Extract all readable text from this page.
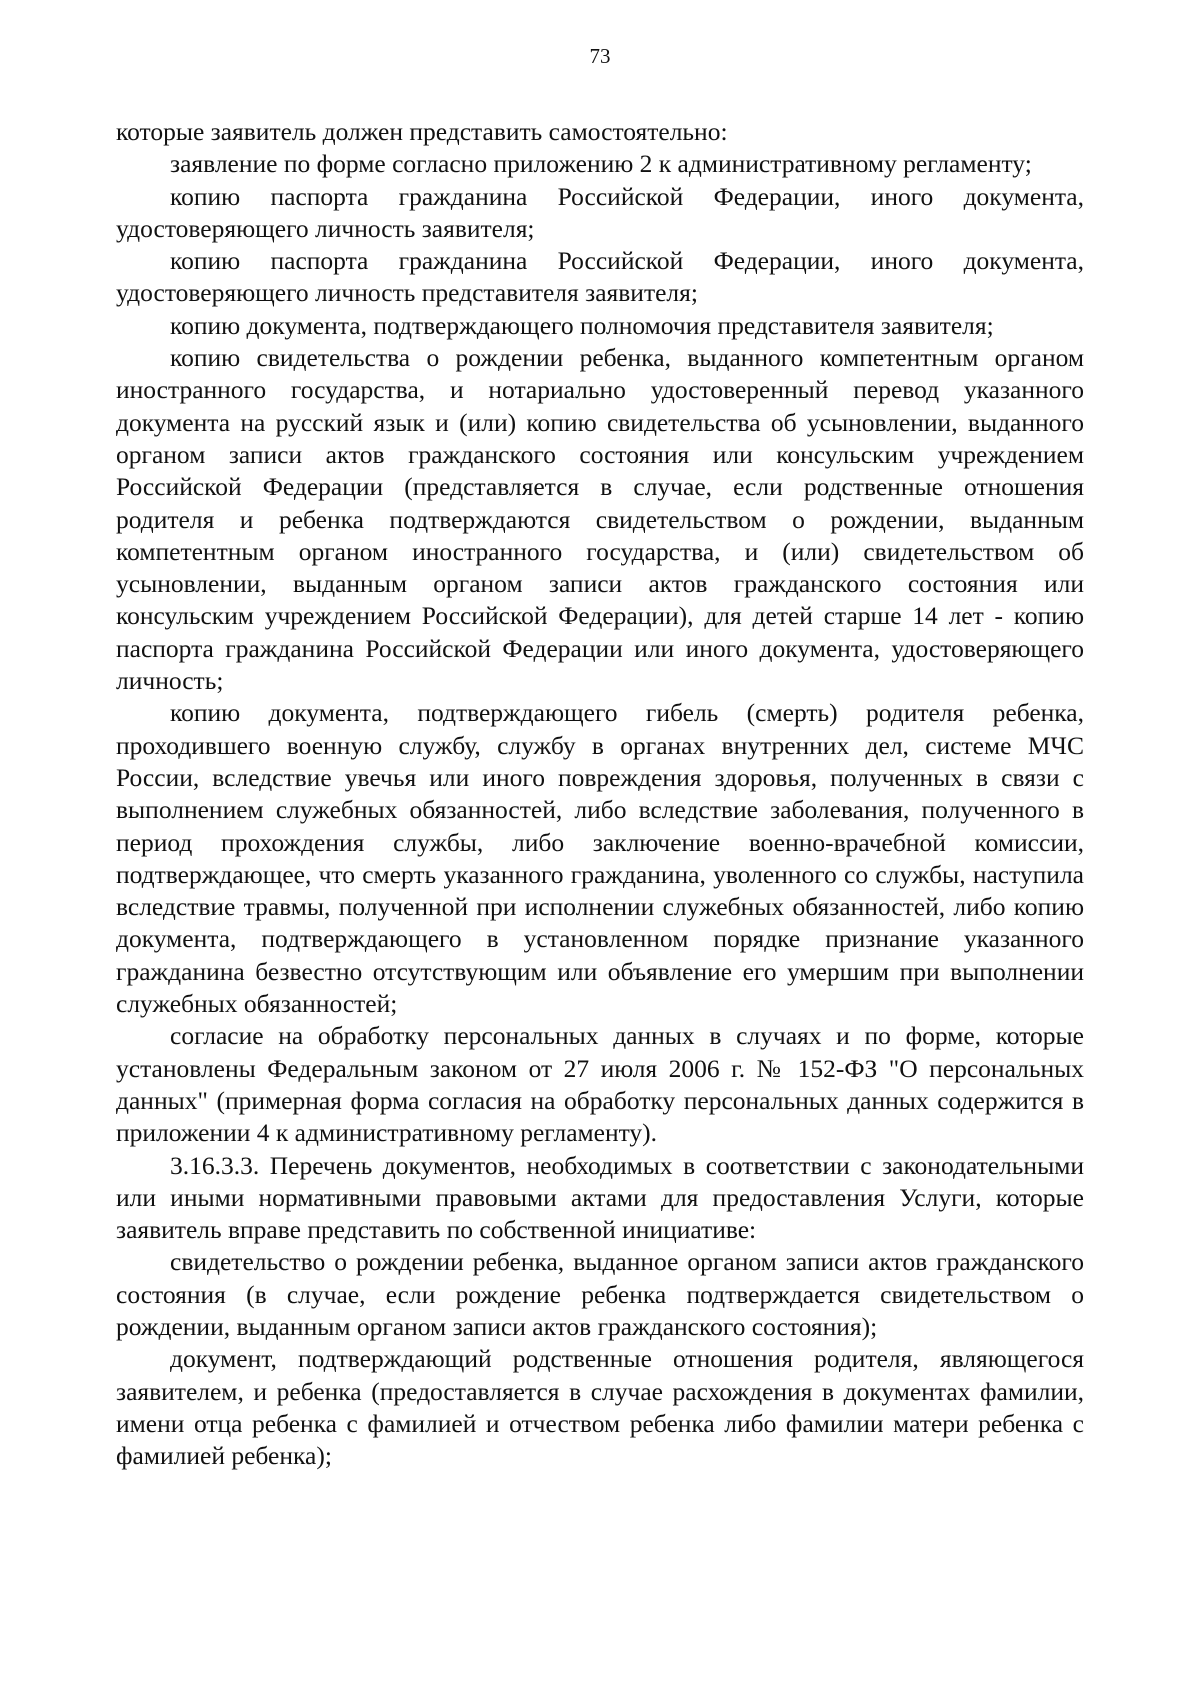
73

которые заявитель должен представить самостоятельно:

заявление по форме согласно приложению 2 к административному регламенту;

копию паспорта гражданина Российской Федерации, иного документа, удостоверяющего личность заявителя;

копию паспорта гражданина Российской Федерации, иного документа, удостоверяющего личность представителя заявителя;

копию документа, подтверждающего полномочия представителя заявителя;

копию свидетельства о рождении ребенка, выданного компетентным органом иностранного государства, и нотариально удостоверенный перевод указанного документа на русский язык и (или) копию свидетельства об усыновлении, выданного органом записи актов гражданского состояния или консульским учреждением Российской Федерации (представляется в случае, если родственные отношения родителя и ребенка подтверждаются свидетельством о рождении, выданным компетентным органом иностранного государства, и (или) свидетельством об усыновлении, выданным органом записи актов гражданского состояния или консульским учреждением Российской Федерации), для детей старше 14 лет - копию паспорта гражданина Российской Федерации или иного документа, удостоверяющего личность;

копию документа, подтверждающего гибель (смерть) родителя ребенка, проходившего военную службу, службу в органах внутренних дел, системе МЧС России, вследствие увечья или иного повреждения здоровья, полученных в связи с выполнением служебных обязанностей, либо вследствие заболевания, полученного в период прохождения службы, либо заключение военно-врачебной комиссии, подтверждающее, что смерть указанного гражданина, уволенного со службы, наступила вследствие травмы, полученной при исполнении служебных обязанностей, либо копию документа, подтверждающего в установленном порядке признание указанного гражданина безвестно отсутствующим или объявление его умершим при выполнении служебных обязанностей;

согласие на обработку персональных данных в случаях и по форме, которые установлены Федеральным законом от 27 июля 2006 г. № 152-ФЗ "О персональных данных" (примерная форма согласия на обработку персональных данных содержится в приложении 4 к административному регламенту).

3.16.3.3. Перечень документов, необходимых в соответствии с законодательными или иными нормативными правовыми актами для предоставления Услуги, которые заявитель вправе представить по собственной инициативе:

свидетельство о рождении ребенка, выданное органом записи актов гражданского состояния (в случае, если рождение ребенка подтверждается свидетельством о рождении, выданным органом записи актов гражданского состояния);

документ, подтверждающий родственные отношения родителя, являющегося заявителем, и ребенка (предоставляется в случае расхождения в документах фамилии, имени отца ребенка с фамилией и отчеством ребенка либо фамилии матери ребенка с фамилией ребенка);
